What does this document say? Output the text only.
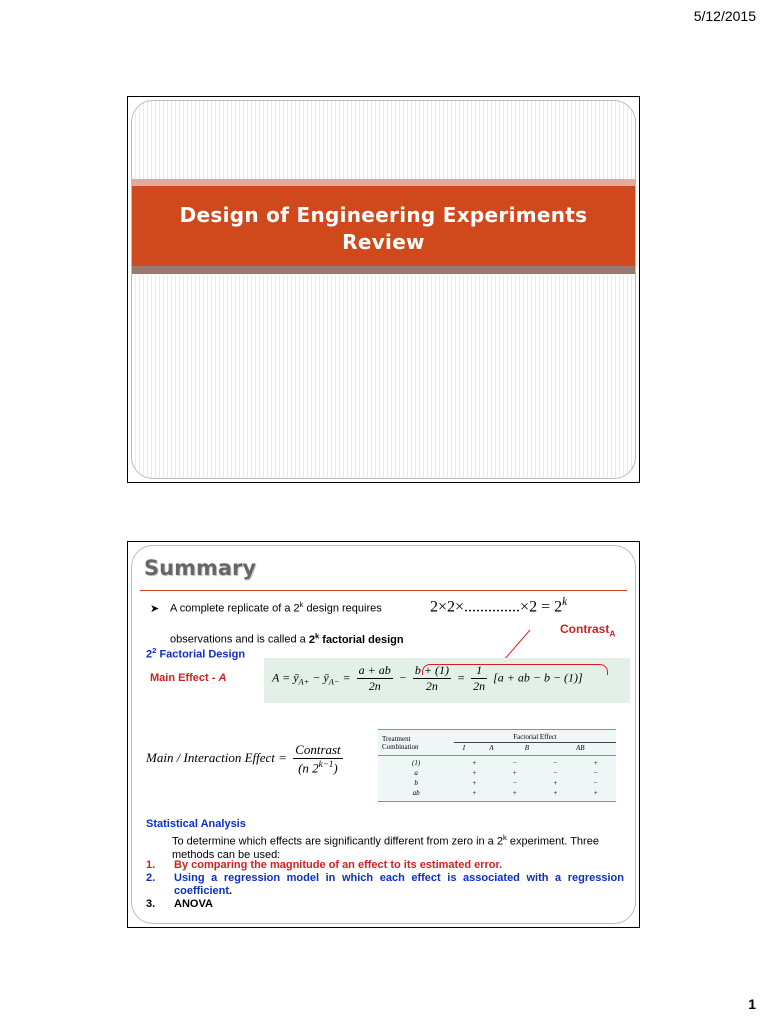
5/12/2015
Design of Engineering Experiments
Review
Summary
➤ A complete replicate of a 2$^k$ design requires	$2\times 2\times..............\times 2 = 2^k$
Contrast$_A$
observations and is called a 2$^k$ factorial design
$2^2$ Factorial Design
Main Effect - A	$A = ȳ_{A+}$ − $ȳ_{A-} = \frac{a + ab}{2n} - \frac{b + (1)}{2n} = \frac{1}{2n} [a$ + ab − b − (1)]
Main / Interaction Effect = $\frac{\text{Contrast}}{(n 2^{k-1})}$
Treatment
Combination	Factorial Effect			
	I	A	B	AB
(1)	+	−	−	+
a	+	+	−	−
b	+	−	+	−
ab	+	+	+	+
Statistical Analysis
To determine which effects are significantly different from zero in a 2$^k$ experiment. Three methods can be used:
1.	By comparing the magnitude of an effect to its estimated error.
2.	Using a regression model in which each effect is associated with a regression coefficient.
3.	ANOVA
1
